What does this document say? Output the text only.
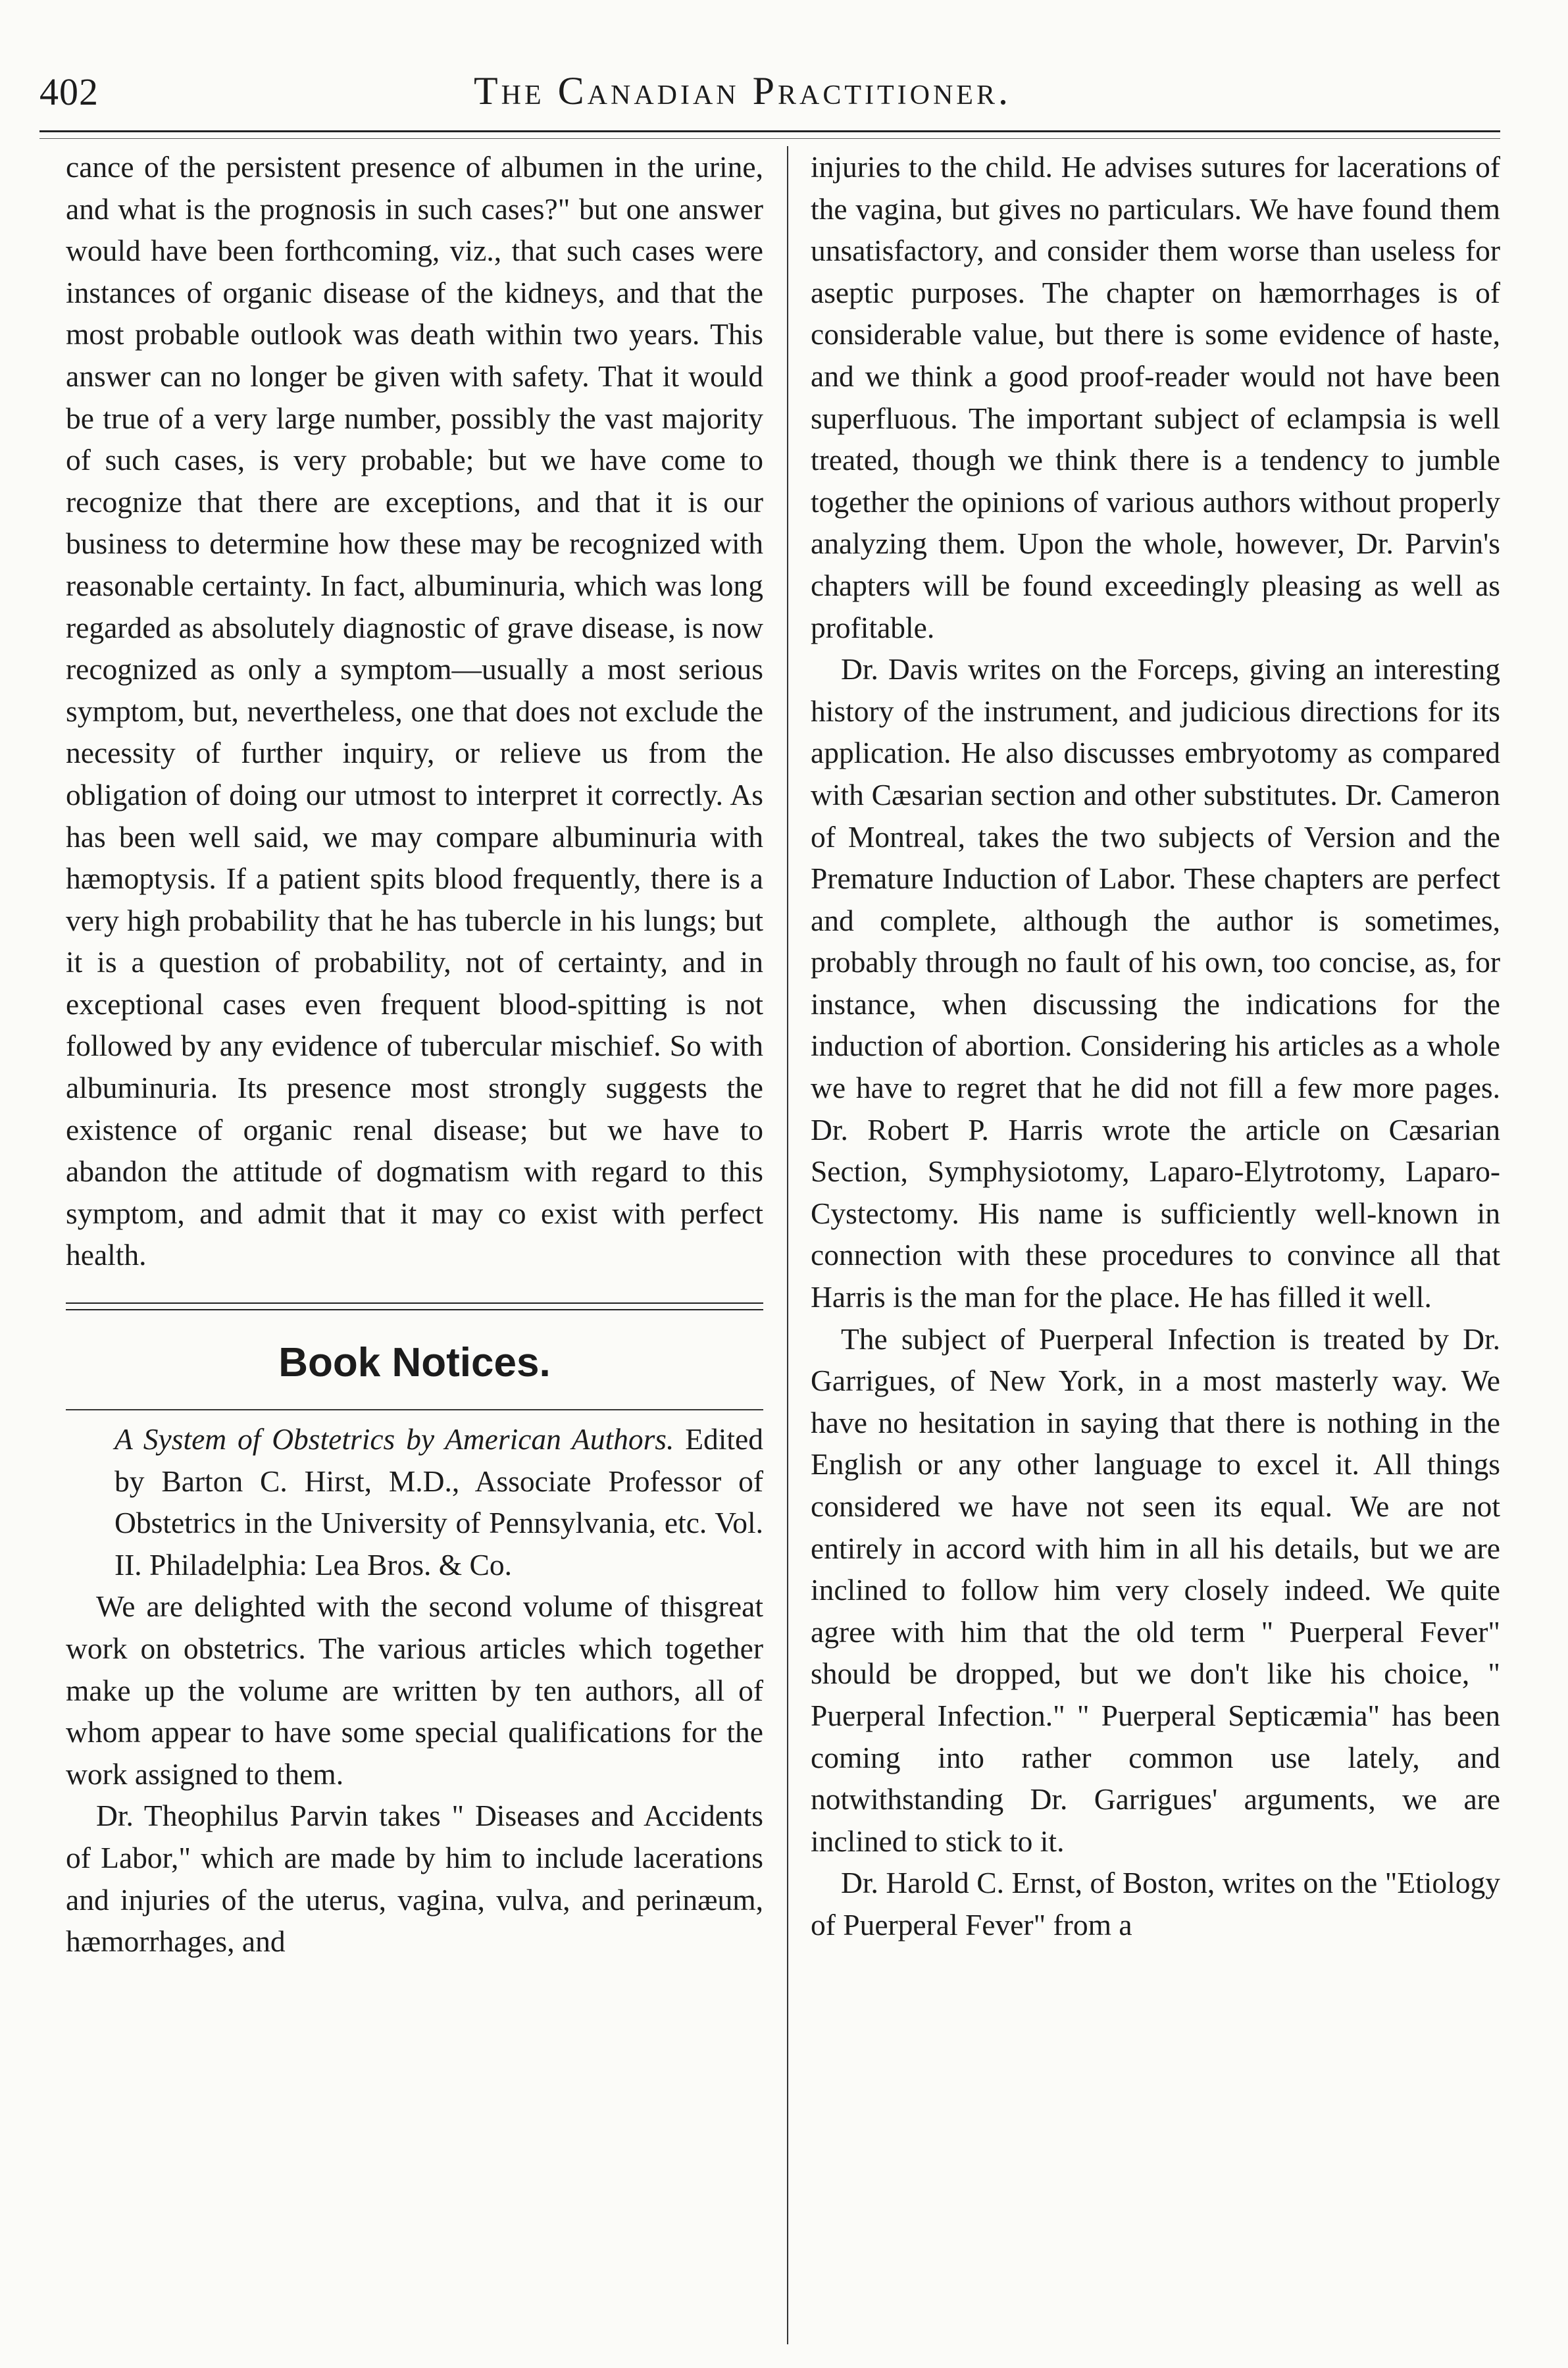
402	The Canadian Practitioner.

cance of the persistent presence of albumen in the urine, and what is the prognosis in such cases?" but one answer would have been forthcoming, viz., that such cases were instances of organic disease of the kidneys, and that the most probable outlook was death within two years. This answer can no longer be given with safety. That it would be true of a very large number, possibly the vast majority of such cases, is very probable; but we have come to recognize that there are exceptions, and that it is our business to determine how these may be recognized with reasonable certainty. In fact, albuminuria, which was long regarded as absolutely diagnostic of grave disease, is now recognized as only a symptom—usually a most serious symptom, but, nevertheless, one that does not exclude the necessity of further inquiry, or relieve us from the obligation of doing our utmost to interpret it correctly. As has been well said, we may compare albuminuria with hæmoptysis. If a patient spits blood frequently, there is a very high probability that he has tubercle in his lungs; but it is a question of probability, not of certainty, and in exceptional cases even frequent blood-spitting is not followed by any evidence of tubercular mischief. So with albuminuria. Its presence most strongly suggests the existence of organic renal disease; but we have to abandon the attitude of dogmatism with regard to this symptom, and admit that it may co exist with perfect health.

Book Notices.

A System of Obstetrics by American Authors. Edited by Barton C. Hirst, M.D., Associate Professor of Obstetrics in the University of Pennsylvania, etc. Vol. II. Philadelphia: Lea Bros. & Co.

We are delighted with the second volume of thisgreat work on obstetrics. The various articles which together make up the volume are written by ten authors, all of whom appear to have some special qualifications for the work assigned to them.

Dr. Theophilus Parvin takes " Diseases and Accidents of Labor," which are made by him to include lacerations and injuries of the uterus, vagina, vulva, and perinæum, hæmorrhages, and

injuries to the child. He advises sutures for lacerations of the vagina, but gives no particulars. We have found them unsatisfactory, and consider them worse than useless for aseptic purposes. The chapter on hæmorrhages is of considerable value, but there is some evidence of haste, and we think a good proof-reader would not have been superfluous. The important subject of eclampsia is well treated, though we think there is a tendency to jumble together the opinions of various authors without properly analyzing them. Upon the whole, however, Dr. Parvin's chapters will be found exceedingly pleasing as well as profitable.

Dr. Davis writes on the Forceps, giving an interesting history of the instrument, and judicious directions for its application. He also discusses embryotomy as compared with Cæsarian section and other substitutes. Dr. Cameron of Montreal, takes the two subjects of Version and the Premature Induction of Labor. These chapters are perfect and complete, although the author is sometimes, probably through no fault of his own, too concise, as, for instance, when discussing the indications for the induction of abortion. Considering his articles as a whole we have to regret that he did not fill a few more pages. Dr. Robert P. Harris wrote the article on Cæsarian Section, Symphysiotomy, Laparo-Elytrotomy, Laparo-Cystectomy. His name is sufficiently well-known in connection with these procedures to convince all that Harris is the man for the place. He has filled it well.

The subject of Puerperal Infection is treated by Dr. Garrigues, of New York, in a most masterly way. We have no hesitation in saying that there is nothing in the English or any other language to excel it. All things considered we have not seen its equal. We are not entirely in accord with him in all his details, but we are inclined to follow him very closely indeed. We quite agree with him that the old term " Puerperal Fever" should be dropped, but we don't like his choice, " Puerperal Infection." " Puerperal Septicæmia" has been coming into rather common use lately, and notwithstanding Dr. Garrigues' arguments, we are inclined to stick to it.

Dr. Harold C. Ernst, of Boston, writes on the "Etiology of Puerperal Fever" from a
